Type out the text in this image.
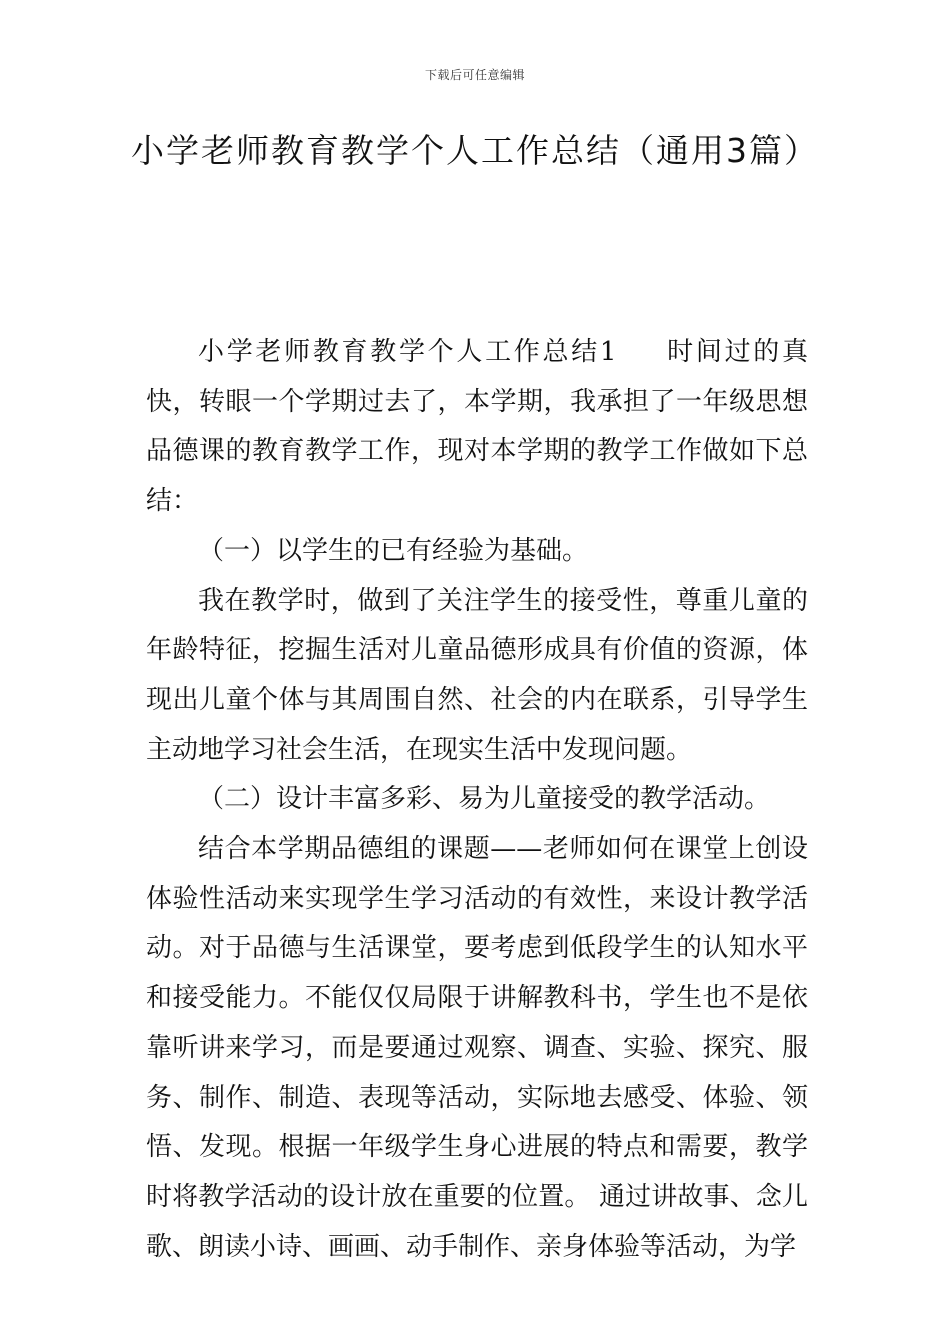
下载后可任意编辑
小学老师教育教学个人工作总结（通用3篇）

小学老师教育教学个人工作总结1 时间过的真快，转眼一个学期过去了，本学期，我承担了一年级思想品德课的教育教学工作，现对本学期的教学工作做如下总结：

（一）以学生的已有经验为基础。

我在教学时，做到了关注学生的接受性，尊重儿童的年龄特征，挖掘生活对儿童品德形成具有价值的资源，体现出儿童个体与其周围自然、社会的内在联系，引导学生主动地学习社会生活，在现实生活中发现问题。

（二）设计丰富多彩、易为儿童接受的教学活动。

结合本学期品德组的课题——老师如何在课堂上创设体验性活动来实现学生学习活动的有效性，来设计教学活动。对于品德与生活课堂，要考虑到低段学生的认知水平和接受能力。不能仅仅局限于讲解教科书，学生也不是依靠听讲来学习，而是要通过观察、调查、实验、探究、服务、制作、制造、表现等活动，实际地去感受、体验、领悟、发现。根据一年级学生身心进展的特点和需要，教学时将教学活动的设计放在重要的位置。 通过讲故事、念儿歌、朗读小诗、画画、动手制作、亲身体验等活动，为学
